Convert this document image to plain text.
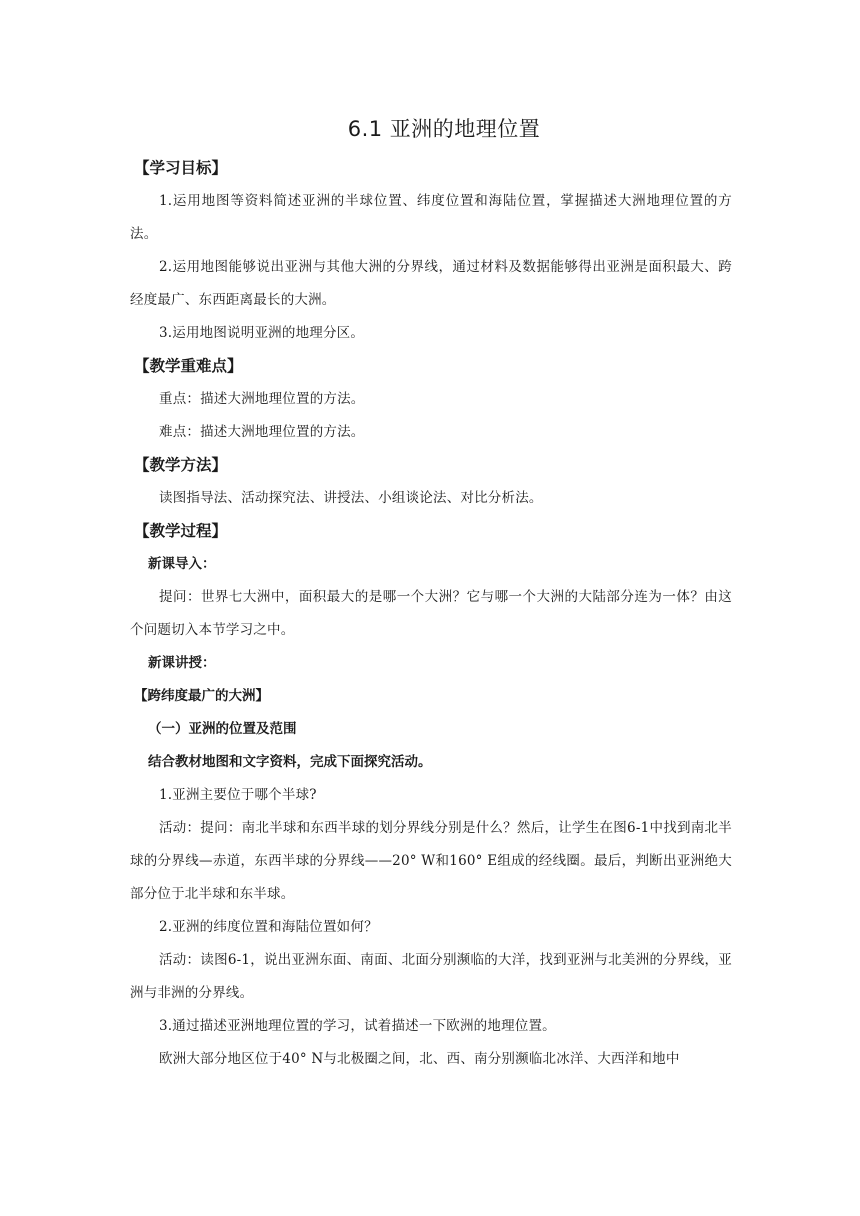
6.1 亚洲的地理位置

【学习目标】

1.运用地图等资料简述亚洲的半球位置、纬度位置和海陆位置，掌握描述大洲地理位置的方法。

2.运用地图能够说出亚洲与其他大洲的分界线，通过材料及数据能够得出亚洲是面积最大、跨经度最广、东西距离最长的大洲。

3.运用地图说明亚洲的地理分区。

【教学重难点】

重点：描述大洲地理位置的方法。

难点：描述大洲地理位置的方法。

【教学方法】

读图指导法、活动探究法、讲授法、小组谈论法、对比分析法。

【教学过程】

新课导入：

提问：世界七大洲中，面积最大的是哪一个大洲？它与哪一个大洲的大陆部分连为一体？由这个问题切入本节学习之中。

新课讲授：

【跨纬度最广的大洲】

（一）亚洲的位置及范围

结合教材地图和文字资料，完成下面探究活动。

1.亚洲主要位于哪个半球?

活动：提问：南北半球和东西半球的划分界线分别是什么？然后，让学生在图6-1中找到南北半球的分界线—赤道，东西半球的分界线——20° W和160° E组成的经线圈。最后，判断出亚洲绝大部分位于北半球和东半球。

2.亚洲的纬度位置和海陆位置如何？

活动：读图6-1，说出亚洲东面、南面、北面分别濒临的大洋，找到亚洲与北美洲的分界线，亚洲与非洲的分界线。

3.通过描述亚洲地理位置的学习，试着描述一下欧洲的地理位置。

欧洲大部分地区位于40° N与北极圈之间，北、西、南分别濒临北冰洋、大西洋和地中
